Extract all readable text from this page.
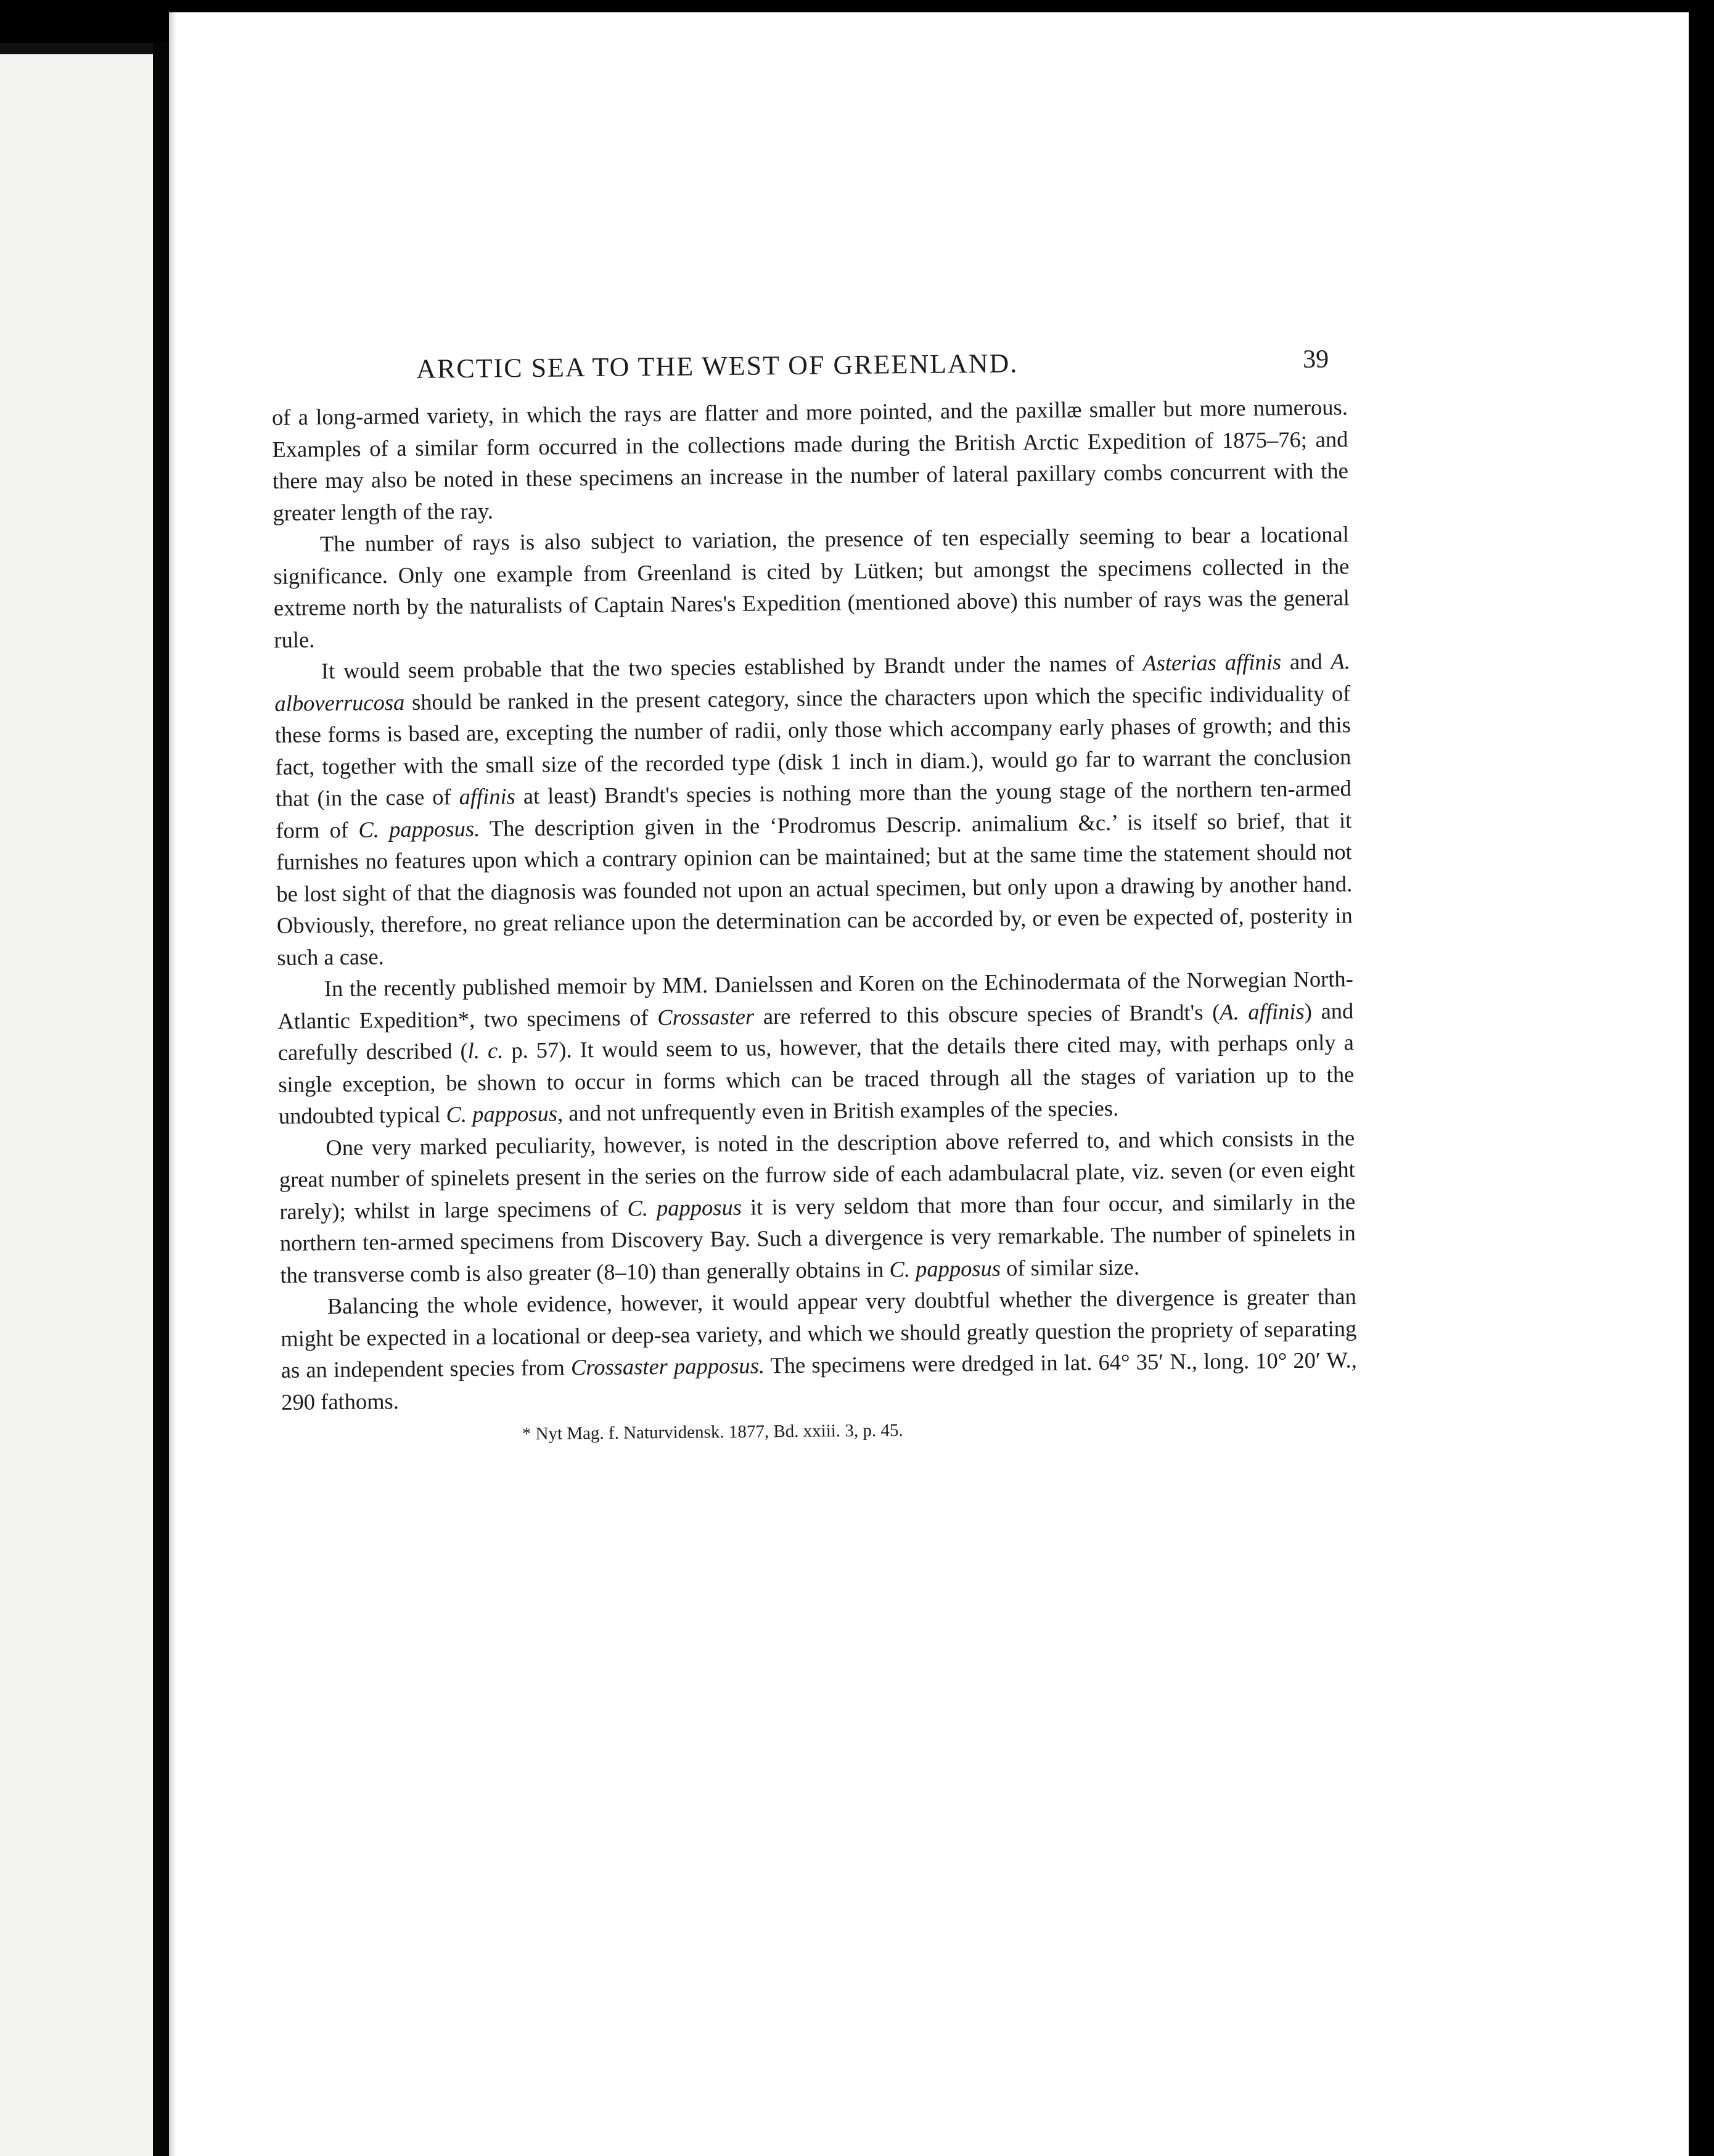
ARCTIC SEA TO THE WEST OF GREENLAND.	39

of a long-armed variety, in which the rays are flatter and more pointed, and the paxillæ smaller but more numerous. Examples of a similar form occurred in the collections made during the British Arctic Expedition of 1875–76; and there may also be noted in these specimens an increase in the number of lateral paxillary combs concurrent with the greater length of the ray.

The number of rays is also subject to variation, the presence of ten especially seeming to bear a locational significance. Only one example from Greenland is cited by Lütken; but amongst the specimens collected in the extreme north by the naturalists of Captain Nares's Expedition (mentioned above) this number of rays was the general rule.

It would seem probable that the two species established by Brandt under the names of Asterias affinis and A. alboverrucosa should be ranked in the present category, since the characters upon which the specific individuality of these forms is based are, excepting the number of radii, only those which accompany early phases of growth; and this fact, together with the small size of the recorded type (disk 1 inch in diam.), would go far to warrant the conclusion that (in the case of affinis at least) Brandt's species is nothing more than the young stage of the northern ten-armed form of C. papposus. The description given in the ‘Prodromus Descrip. animalium &c.’ is itself so brief, that it furnishes no features upon which a contrary opinion can be maintained; but at the same time the statement should not be lost sight of that the diagnosis was founded not upon an actual specimen, but only upon a drawing by another hand. Obviously, therefore, no great reliance upon the determination can be accorded by, or even be expected of, posterity in such a case.

In the recently published memoir by MM. Danielssen and Koren on the Echinodermata of the Norwegian North-Atlantic Expedition*, two specimens of Crossaster are referred to this obscure species of Brandt's (A. affinis) and carefully described (l. c. p. 57). It would seem to us, however, that the details there cited may, with perhaps only a single exception, be shown to occur in forms which can be traced through all the stages of variation up to the undoubted typical C. papposus, and not unfrequently even in British examples of the species.

One very marked peculiarity, however, is noted in the description above referred to, and which consists in the great number of spinelets present in the series on the furrow side of each adambulacral plate, viz. seven (or even eight rarely); whilst in large specimens of C. papposus it is very seldom that more than four occur, and similarly in the northern ten-armed specimens from Discovery Bay. Such a divergence is very remarkable. The number of spinelets in the transverse comb is also greater (8–10) than generally obtains in C. papposus of similar size.

Balancing the whole evidence, however, it would appear very doubtful whether the divergence is greater than might be expected in a locational or deep-sea variety, and which we should greatly question the propriety of separating as an independent species from Crossaster papposus. The specimens were dredged in lat. 64° 35′ N., long. 10° 20′ W., 290 fathoms.

* Nyt Mag. f. Naturvidensk. 1877, Bd. xxiii. 3, p. 45.
